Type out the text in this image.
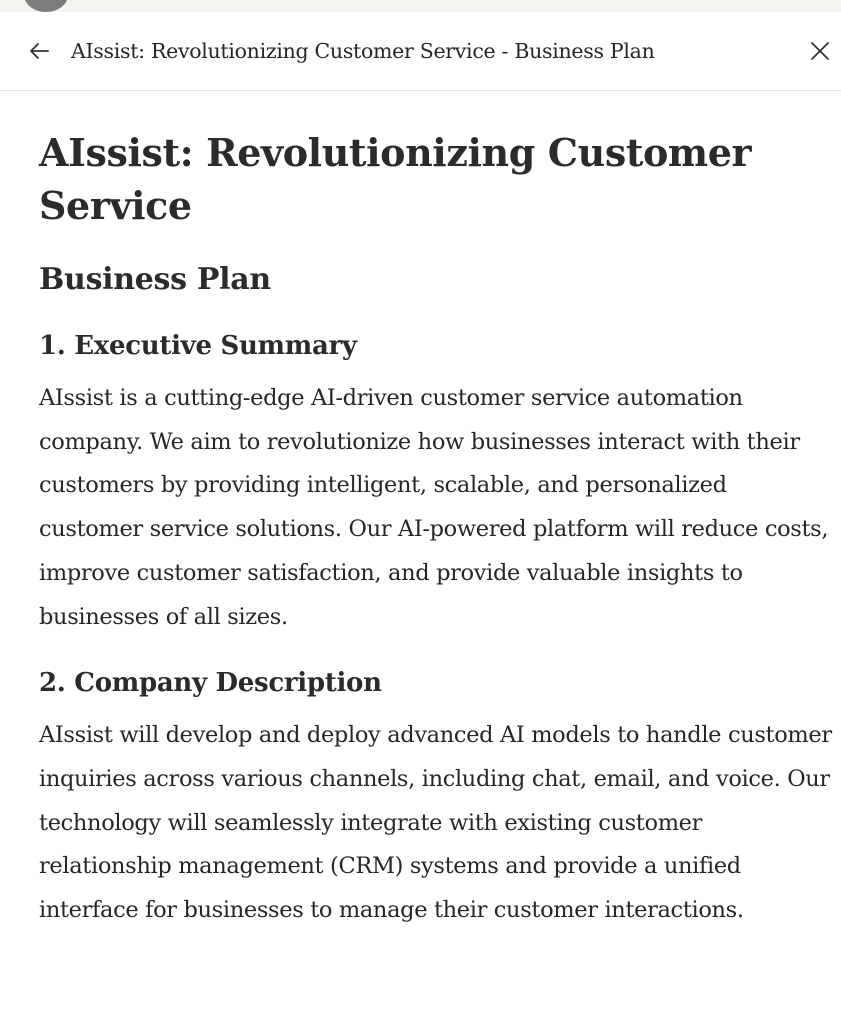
AIssist: Revolutionizing Customer Service - Business Plan
AIssist: Revolutionizing Customer Service
Business Plan
1. Executive Summary

AIssist is a cutting-edge AI-driven customer service automation company. We aim to revolutionize how businesses interact with their customers by providing intelligent, scalable, and personalized customer service solutions. Our AI-powered platform will reduce costs, improve customer satisfaction, and provide valuable insights to businesses of all sizes.

2. Company Description

AIssist will develop and deploy advanced AI models to handle customer inquiries across various channels, including chat, email, and voice. Our technology will seamlessly integrate with existing customer relationship management (CRM) systems and provide a unified interface for businesses to manage their customer interactions.
